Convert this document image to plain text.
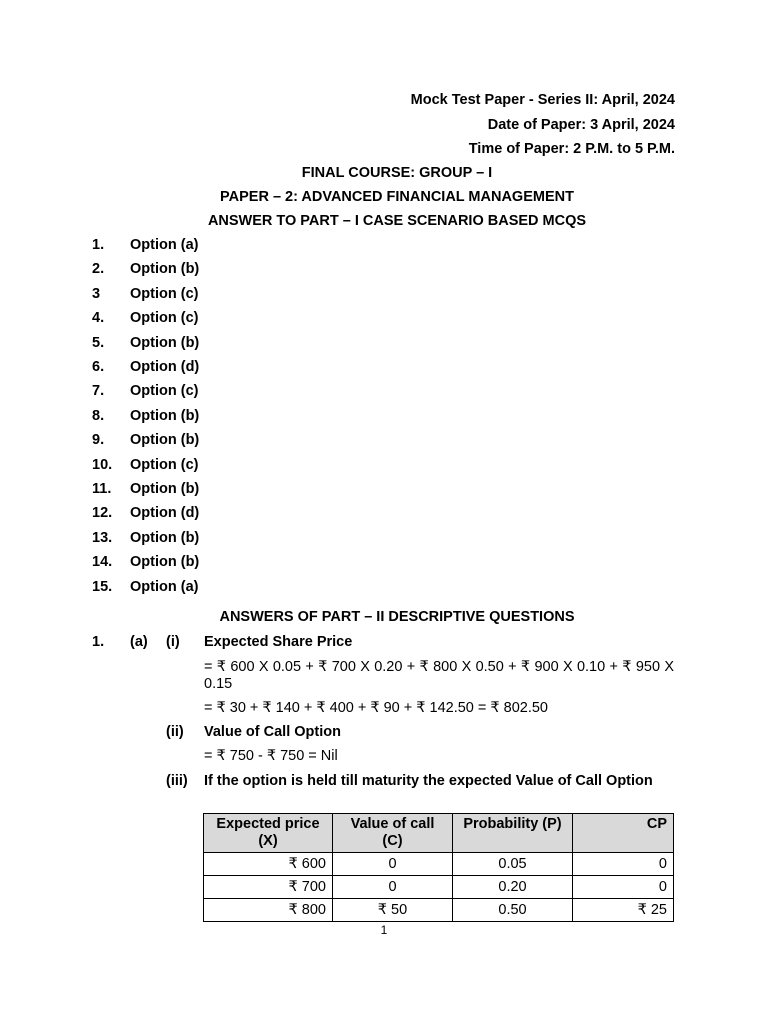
Mock Test Paper - Series II: April, 2024
Date of Paper: 3 April, 2024
Time of Paper: 2 P.M. to 5 P.M.
FINAL COURSE: GROUP – I
PAPER – 2: ADVANCED FINANCIAL MANAGEMENT
ANSWER TO PART – I CASE SCENARIO BASED MCQS
1. Option (a)
2. Option (b)
3 Option (c)
4. Option (c)
5. Option (b)
6. Option (d)
7. Option (c)
8. Option (b)
9. Option (b)
10. Option (c)
11. Option (b)
12. Option (d)
13. Option (b)
14. Option (b)
15. Option (a)
ANSWERS OF PART – II DESCRIPTIVE QUESTIONS
1. (a) (i) Expected Share Price
= ₹ 600 X 0.05 + ₹ 700 X 0.20 + ₹ 800 X 0.50 + ₹ 900 X 0.10 + ₹ 950 X 0.15
= ₹ 30 + ₹ 140 + ₹ 400 + ₹ 90 + ₹ 142.50 = ₹ 802.50
(ii) Value of Call Option
= ₹ 750 - ₹ 750 = Nil
(iii) If the option is held till maturity the expected Value of Call Option
Expected price (X)	Value of call (C)	Probability (P)	CP
₹ 600	0	0.05	0
₹ 700	0	0.20	0
₹ 800	₹ 50	0.50	₹ 25
1
